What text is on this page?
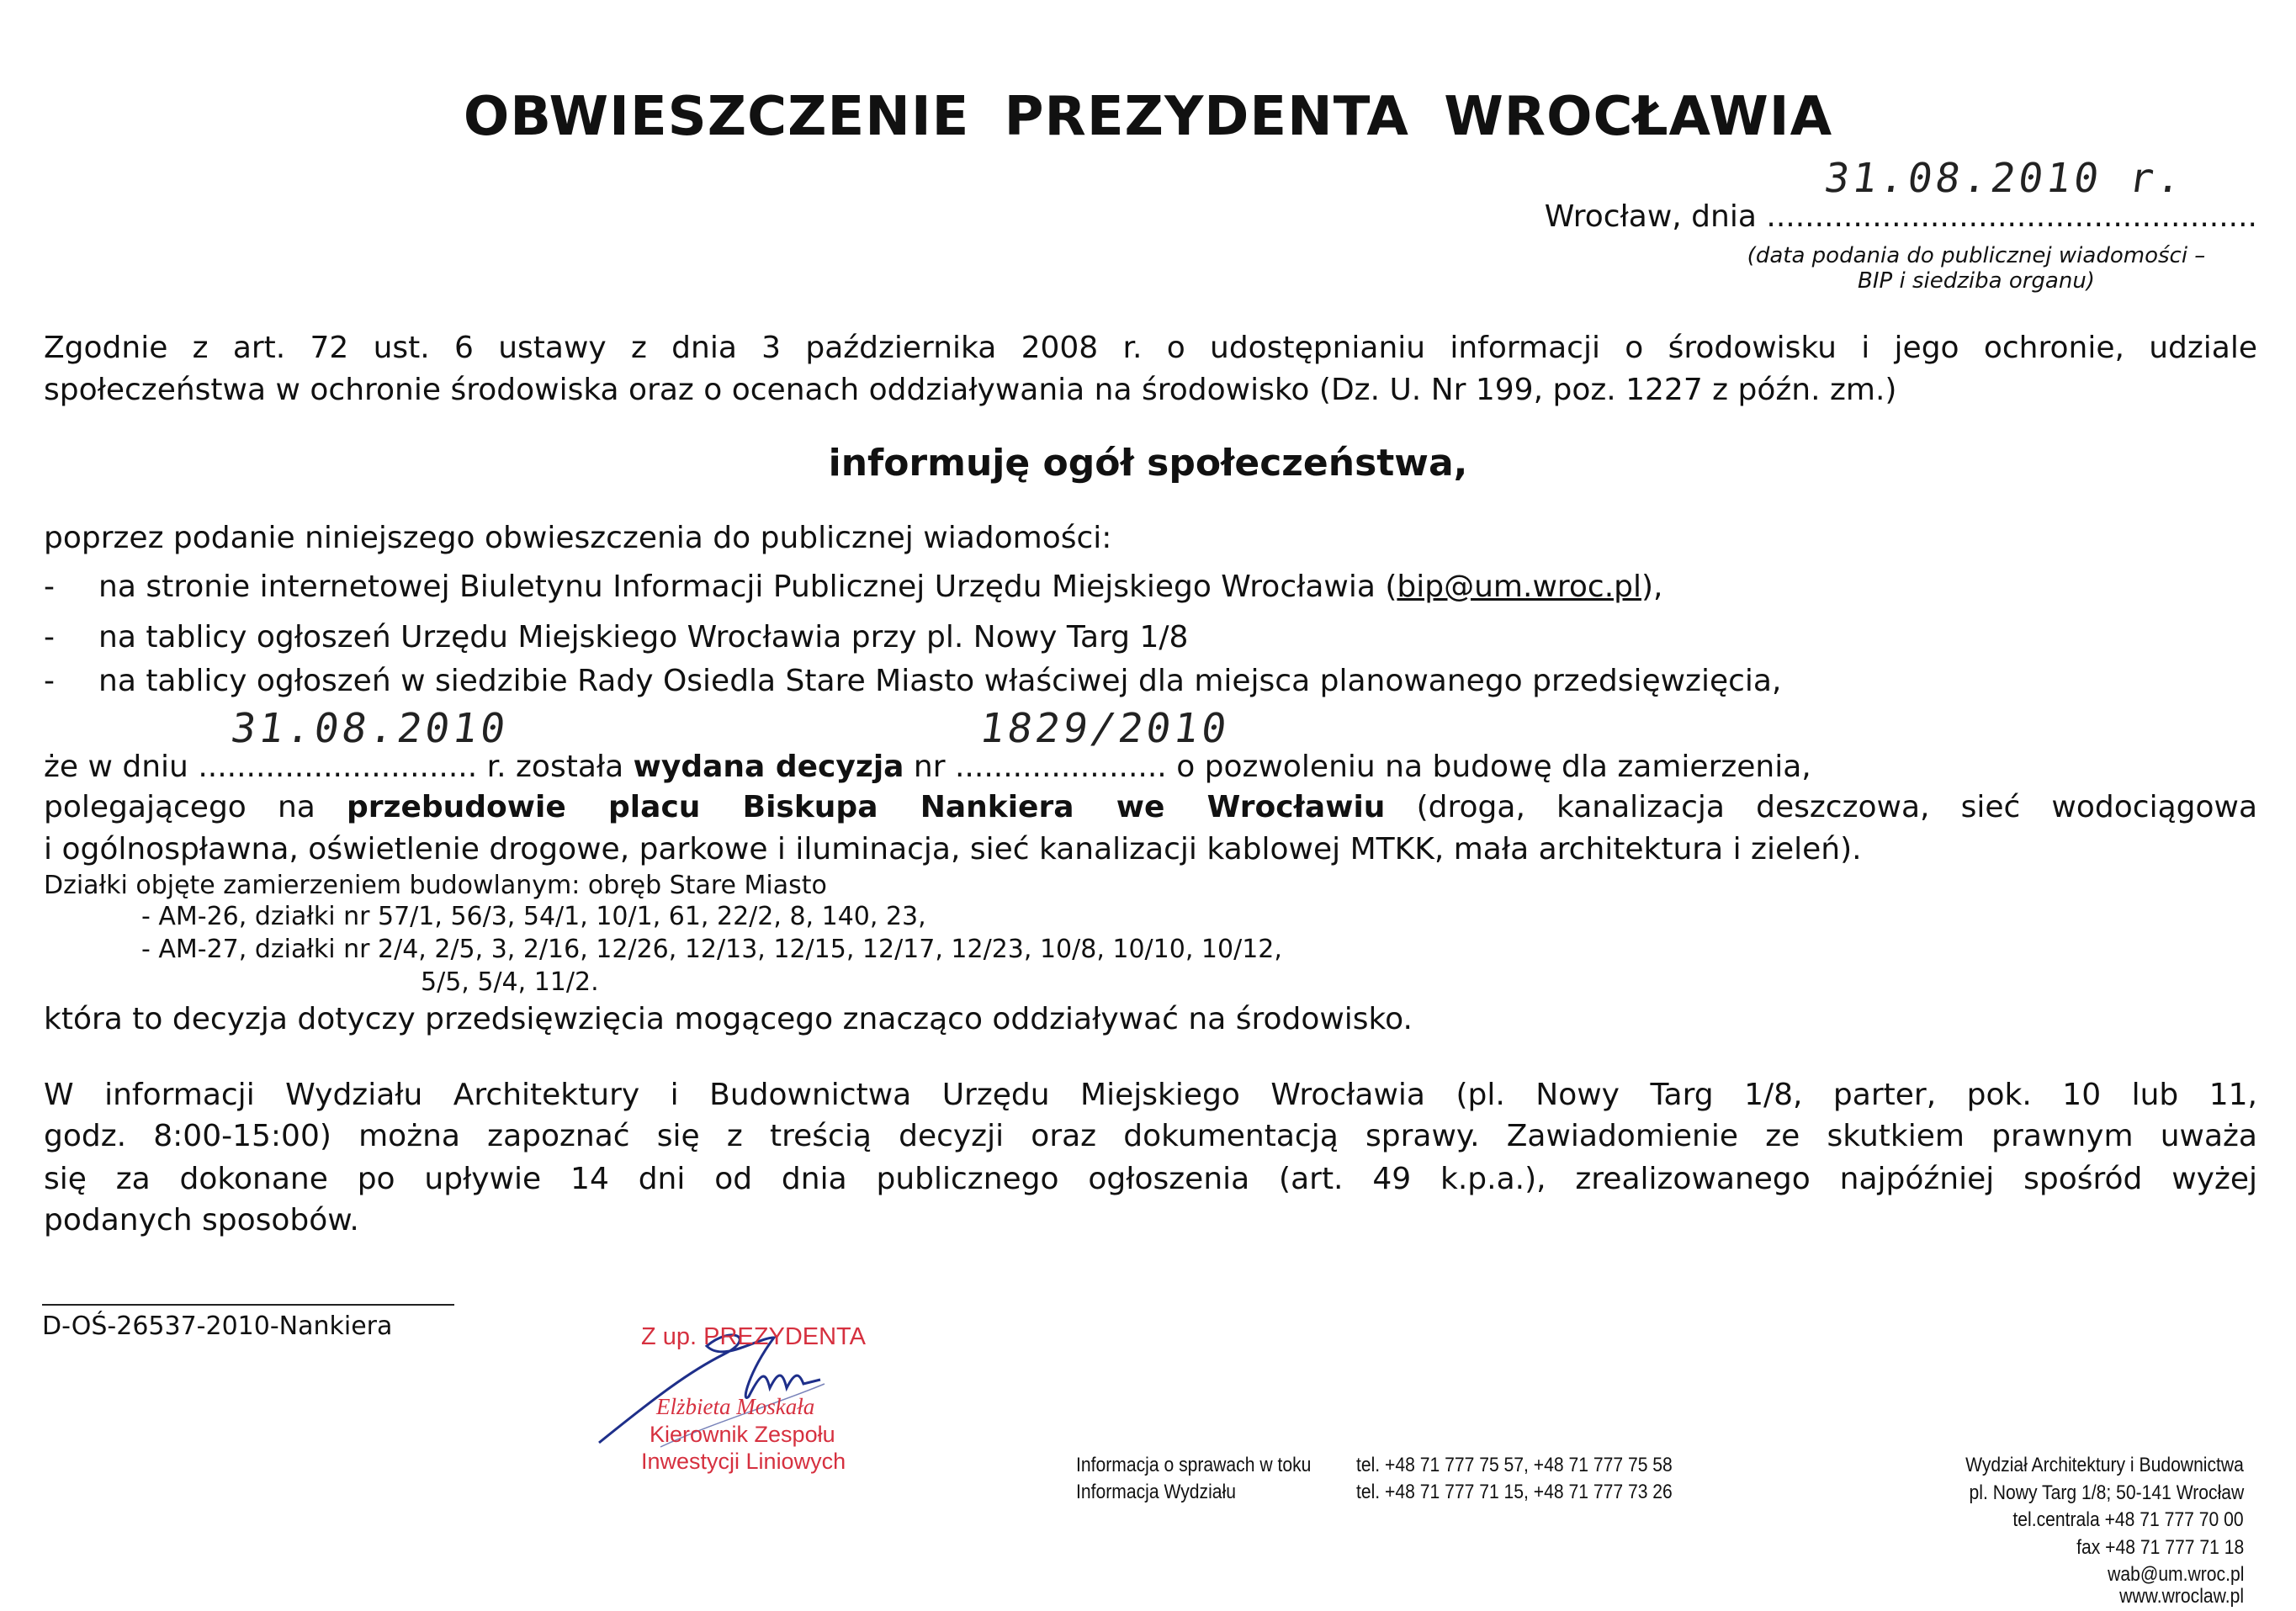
OBWIESZCZENIE PREZYDENTA WROCŁAWIA
Wrocław, dnia ...................................................
31.08.2010 r.
(data podania do publicznej wiadomości –
BIP i siedziba organu)
Zgodnie z art. 72 ust. 6 ustawy z dnia 3 października 2008 r. o udostępnianiu informacji o środowisku i jego ochronie, udziale
społeczeństwa w ochronie środowiska oraz o ocenach oddziaływania na środowisko (Dz. U. Nr 199, poz. 1227 z późn. zm.)
informuję ogół społeczeństwa,
poprzez podanie niniejszego obwieszczenia do publicznej wiadomości:
- na stronie internetowej Biuletynu Informacji Publicznej Urzędu Miejskiego Wrocławia (bip@um.wroc.pl),
- na tablicy ogłoszeń Urzędu Miejskiego Wrocławia przy pl. Nowy Targ 1/8
- na tablicy ogłoszeń w siedzibie Rady Osiedla Stare Miasto właściwej dla miejsca planowanego przedsięwzięcia,
że w dniu .............................
31.08.2010
r. została wydana decyzja nr ......................
1829/2010
o pozwoleniu na budowę dla zamierzenia,
polegającego na przebudowie placu Biskupa Nankiera we Wrocławiu (droga, kanalizacja deszczowa, sieć wodociągowa
i ogólnospławna, oświetlenie drogowe, parkowe i iluminacja, sieć kanalizacji kablowej MTKK, mała architektura i zieleń).
Działki objęte zamierzeniem budowlanym: obręb Stare Miasto
- AM-26, działki nr 57/1, 56/3, 54/1, 10/1, 61, 22/2, 8, 140, 23,
- AM-27, działki nr 2/4, 2/5, 3, 2/16, 12/26, 12/13, 12/15, 12/17, 12/23, 10/8, 10/10, 10/12,
5/5, 5/4, 11/2.
która to decyzja dotyczy przedsięwzięcia mogącego znacząco oddziaływać na środowisko.
W informacji Wydziału Architektury i Budownictwa Urzędu Miejskiego Wrocławia (pl. Nowy Targ 1/8, parter, pok. 10 lub 11,
godz. 8:00-15:00) można zapoznać się z treścią decyzji oraz dokumentacją sprawy. Zawiadomienie ze skutkiem prawnym uważa
się za dokonane po upływie 14 dni od dnia publicznego ogłoszenia (art. 49 k.p.a.), zrealizowanego najpóźniej spośród wyżej
podanych sposobów.
D-OŚ-26537-2010-Nankiera	Z up. PREZYDENTA
Elżbieta Moskała
Kierownik Zespołu
Inwestycji Liniowych	Informacja o sprawach w toku tel. +48 71 777 75 57, +48 71 777 75 58
Informacja Wydziału	tel. +48 71 777 71 15, +48 71 777 73 26
Wydział Architektury i Budownictwa
pl. Nowy Targ 1/8; 50-141 Wrocław
tel.centrala +48 71 777 70 00
fax +48 71 777 71 18
wab@um.wroc.pl
www.wroclaw.pl
